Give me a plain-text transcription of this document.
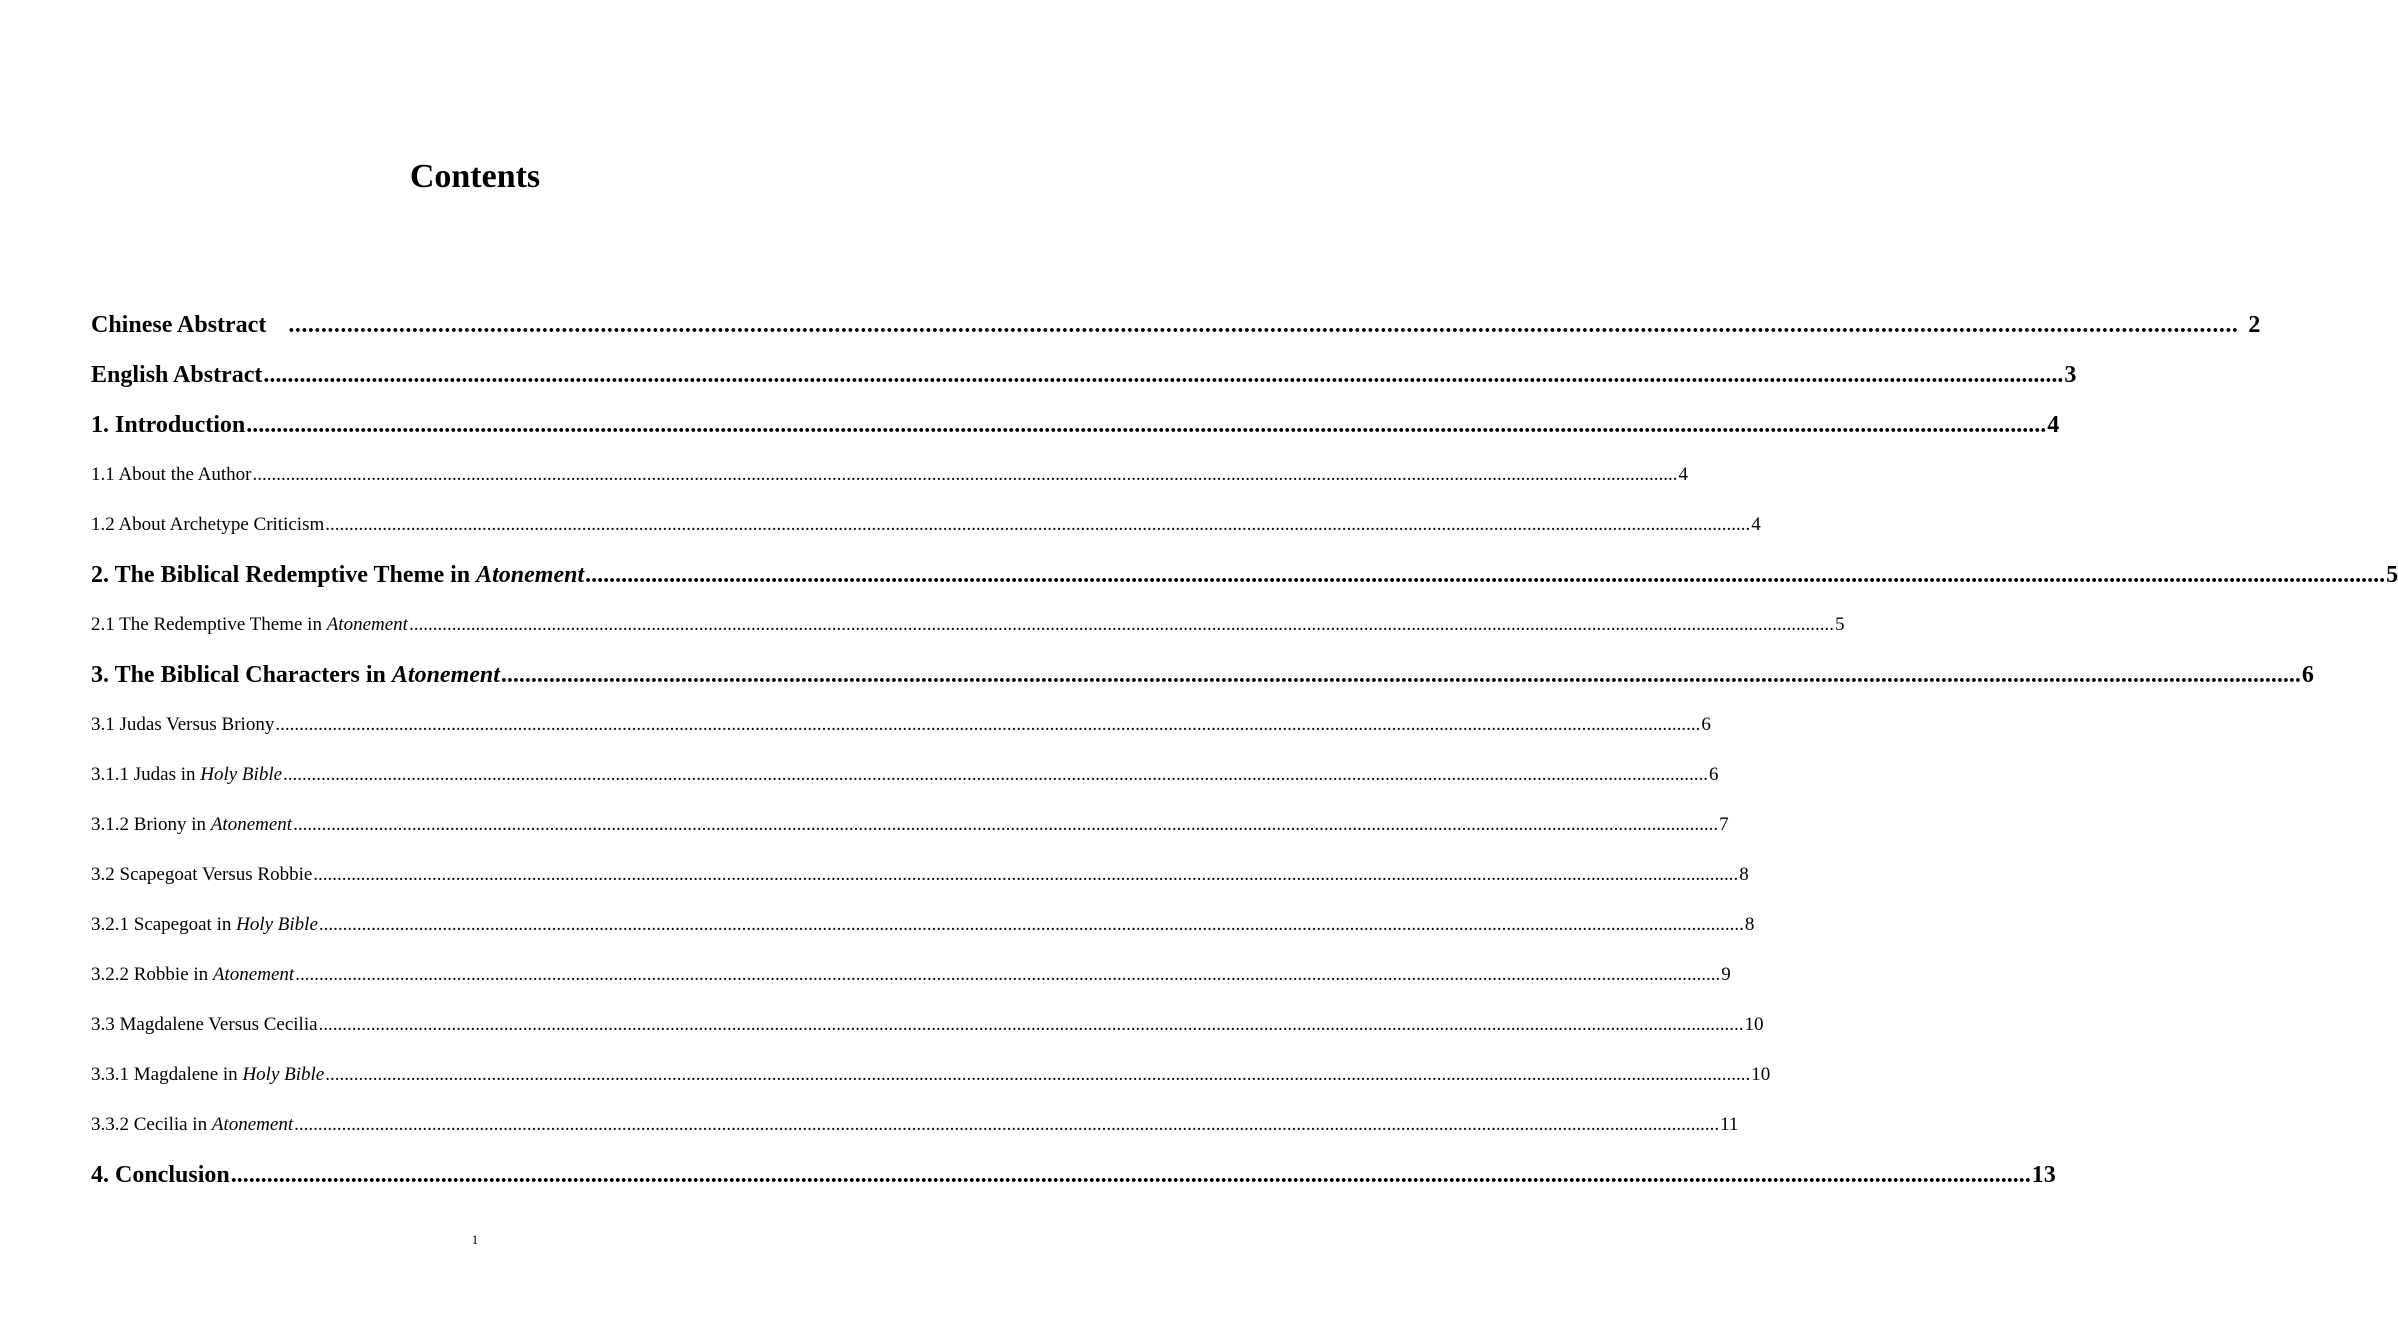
Contents
Chinese Abstract ............................................................................................................................................................................................................................................................................................................ 2
English Abstract ............................................................................................................................................................................................................................................................................................................ 3
1. Introduction ............................................................................................................................................................................................................................................................................................................ 4
1.1 About the Author ............................................................................................................................................................................................................................................................................................................ 4
1.2 About Archetype Criticism ............................................................................................................................................................................................................................................................................................................ 4
2. The Biblical Redemptive Theme in Atonement ............................................................................................................................................................................................................................................................................................................ 5
2.1 The Redemptive Theme in Atonement ............................................................................................................................................................................................................................................................................................................ 5
3. The Biblical Characters in Atonement ............................................................................................................................................................................................................................................................................................................ 6
3.1 Judas Versus Briony ............................................................................................................................................................................................................................................................................................................ 6
3.1.1 Judas in Holy Bible ............................................................................................................................................................................................................................................................................................................ 6
3.1.2 Briony in Atonement ............................................................................................................................................................................................................................................................................................................ 7
3.2 Scapegoat Versus Robbie ............................................................................................................................................................................................................................................................................................................ 8
3.2.1 Scapegoat in Holy Bible ............................................................................................................................................................................................................................................................................................................ 8
3.2.2 Robbie in Atonement ............................................................................................................................................................................................................................................................................................................ 9
3.3 Magdalene Versus Cecilia ............................................................................................................................................................................................................................................................................................................ 10
3.3.1 Magdalene in Holy Bible ............................................................................................................................................................................................................................................................................................................ 10
3.3.2 Cecilia in Atonement ............................................................................................................................................................................................................................................................................................................ 11
4. Conclusion ............................................................................................................................................................................................................................................................................................................ 13
1
